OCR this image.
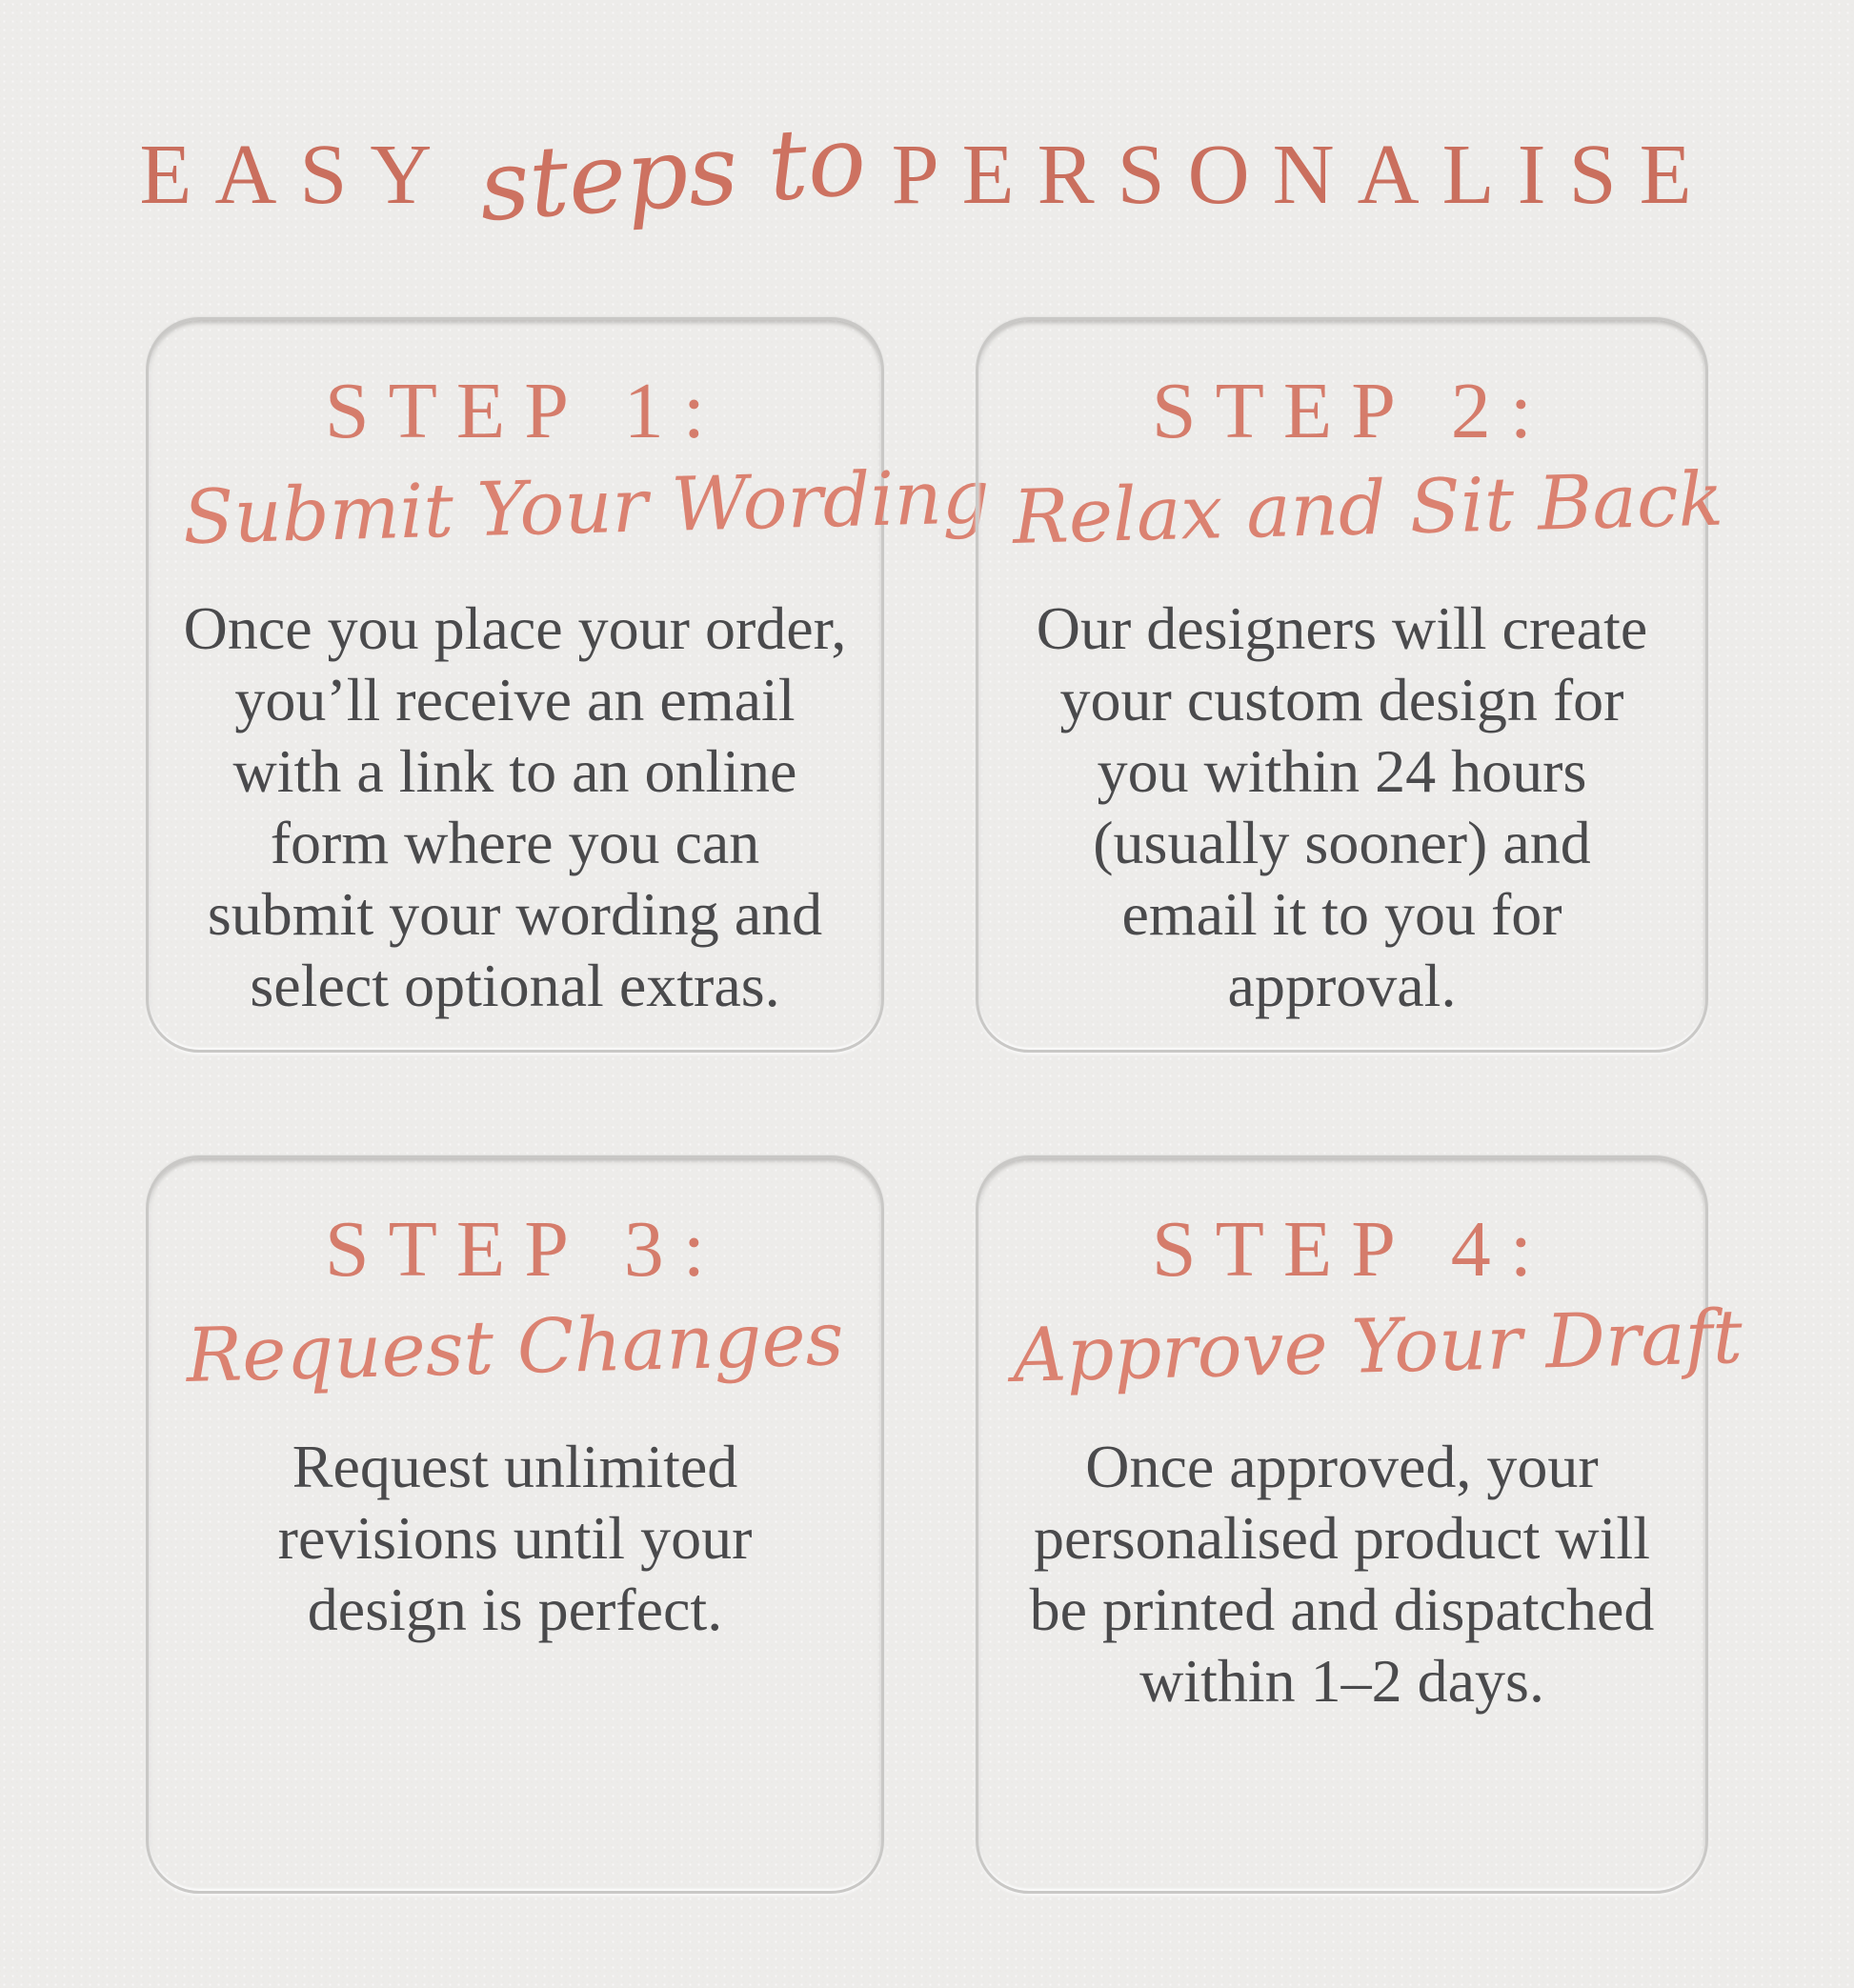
EASY steps to PERSONALISE
STEP 1:
Submit Your Wording
Once you place your order, you’ll receive an email with a link to an online form where you can submit your wording and select optional extras.
STEP 2:
Relax and Sit Back
Our designers will create your custom design for you within 24 hours (usually sooner) and email it to you for approval.
STEP 3:
Request Changes
Request unlimited revisions until your design is perfect.
STEP 4:
Approve Your Draft
Once approved, your personalised product will be printed and dispatched within 1–2 days.
